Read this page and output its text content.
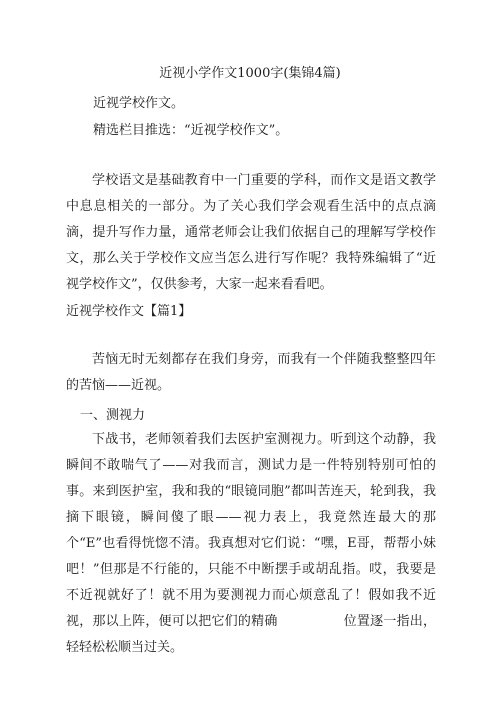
近视小学作文1000字(集锦4篇)
近视学校作文。
精选栏目推选：“近视学校作文”。
学校语文是基础教育中一门重要的学科，而作文是语文教学中息息相关的一部分。为了关心我们学会观看生活中的点点滴滴，提升写作力量，通常老师会让我们依据自己的理解写学校作文，那么关于学校作文应当怎么进行写作呢？我特殊编辑了“近视学校作文”，仅供参考，大家一起来看看吧。
近视学校作文【篇1】
苦恼无时无刻都存在我们身旁，而我有一个伴随我整整四年的苦恼——近视。
一、测视力
下战书，老师领着我们去医护室测视力。听到这个动静，我瞬间不敢喘气了——对我而言，测试力是一件特别特别可怕的事。来到医护室，我和我的“眼镜同胞”都叫苦连天，轮到我，我摘下眼镜，瞬间傻了眼——视力表上，我竟然连最大的那个“E”也看得恍惚不清。我真想对它们说：“嘿，E哥，帮帮小妹吧！”但那是不行能的，只能不中断摆手或胡乱指。哎，我要是不近视就好了！就不用为要测视力而心烦意乱了！假如我不近视，那以上阵，便可以把它们的精确　　　　　位置逐一指出，轻轻松松顺当过关。
